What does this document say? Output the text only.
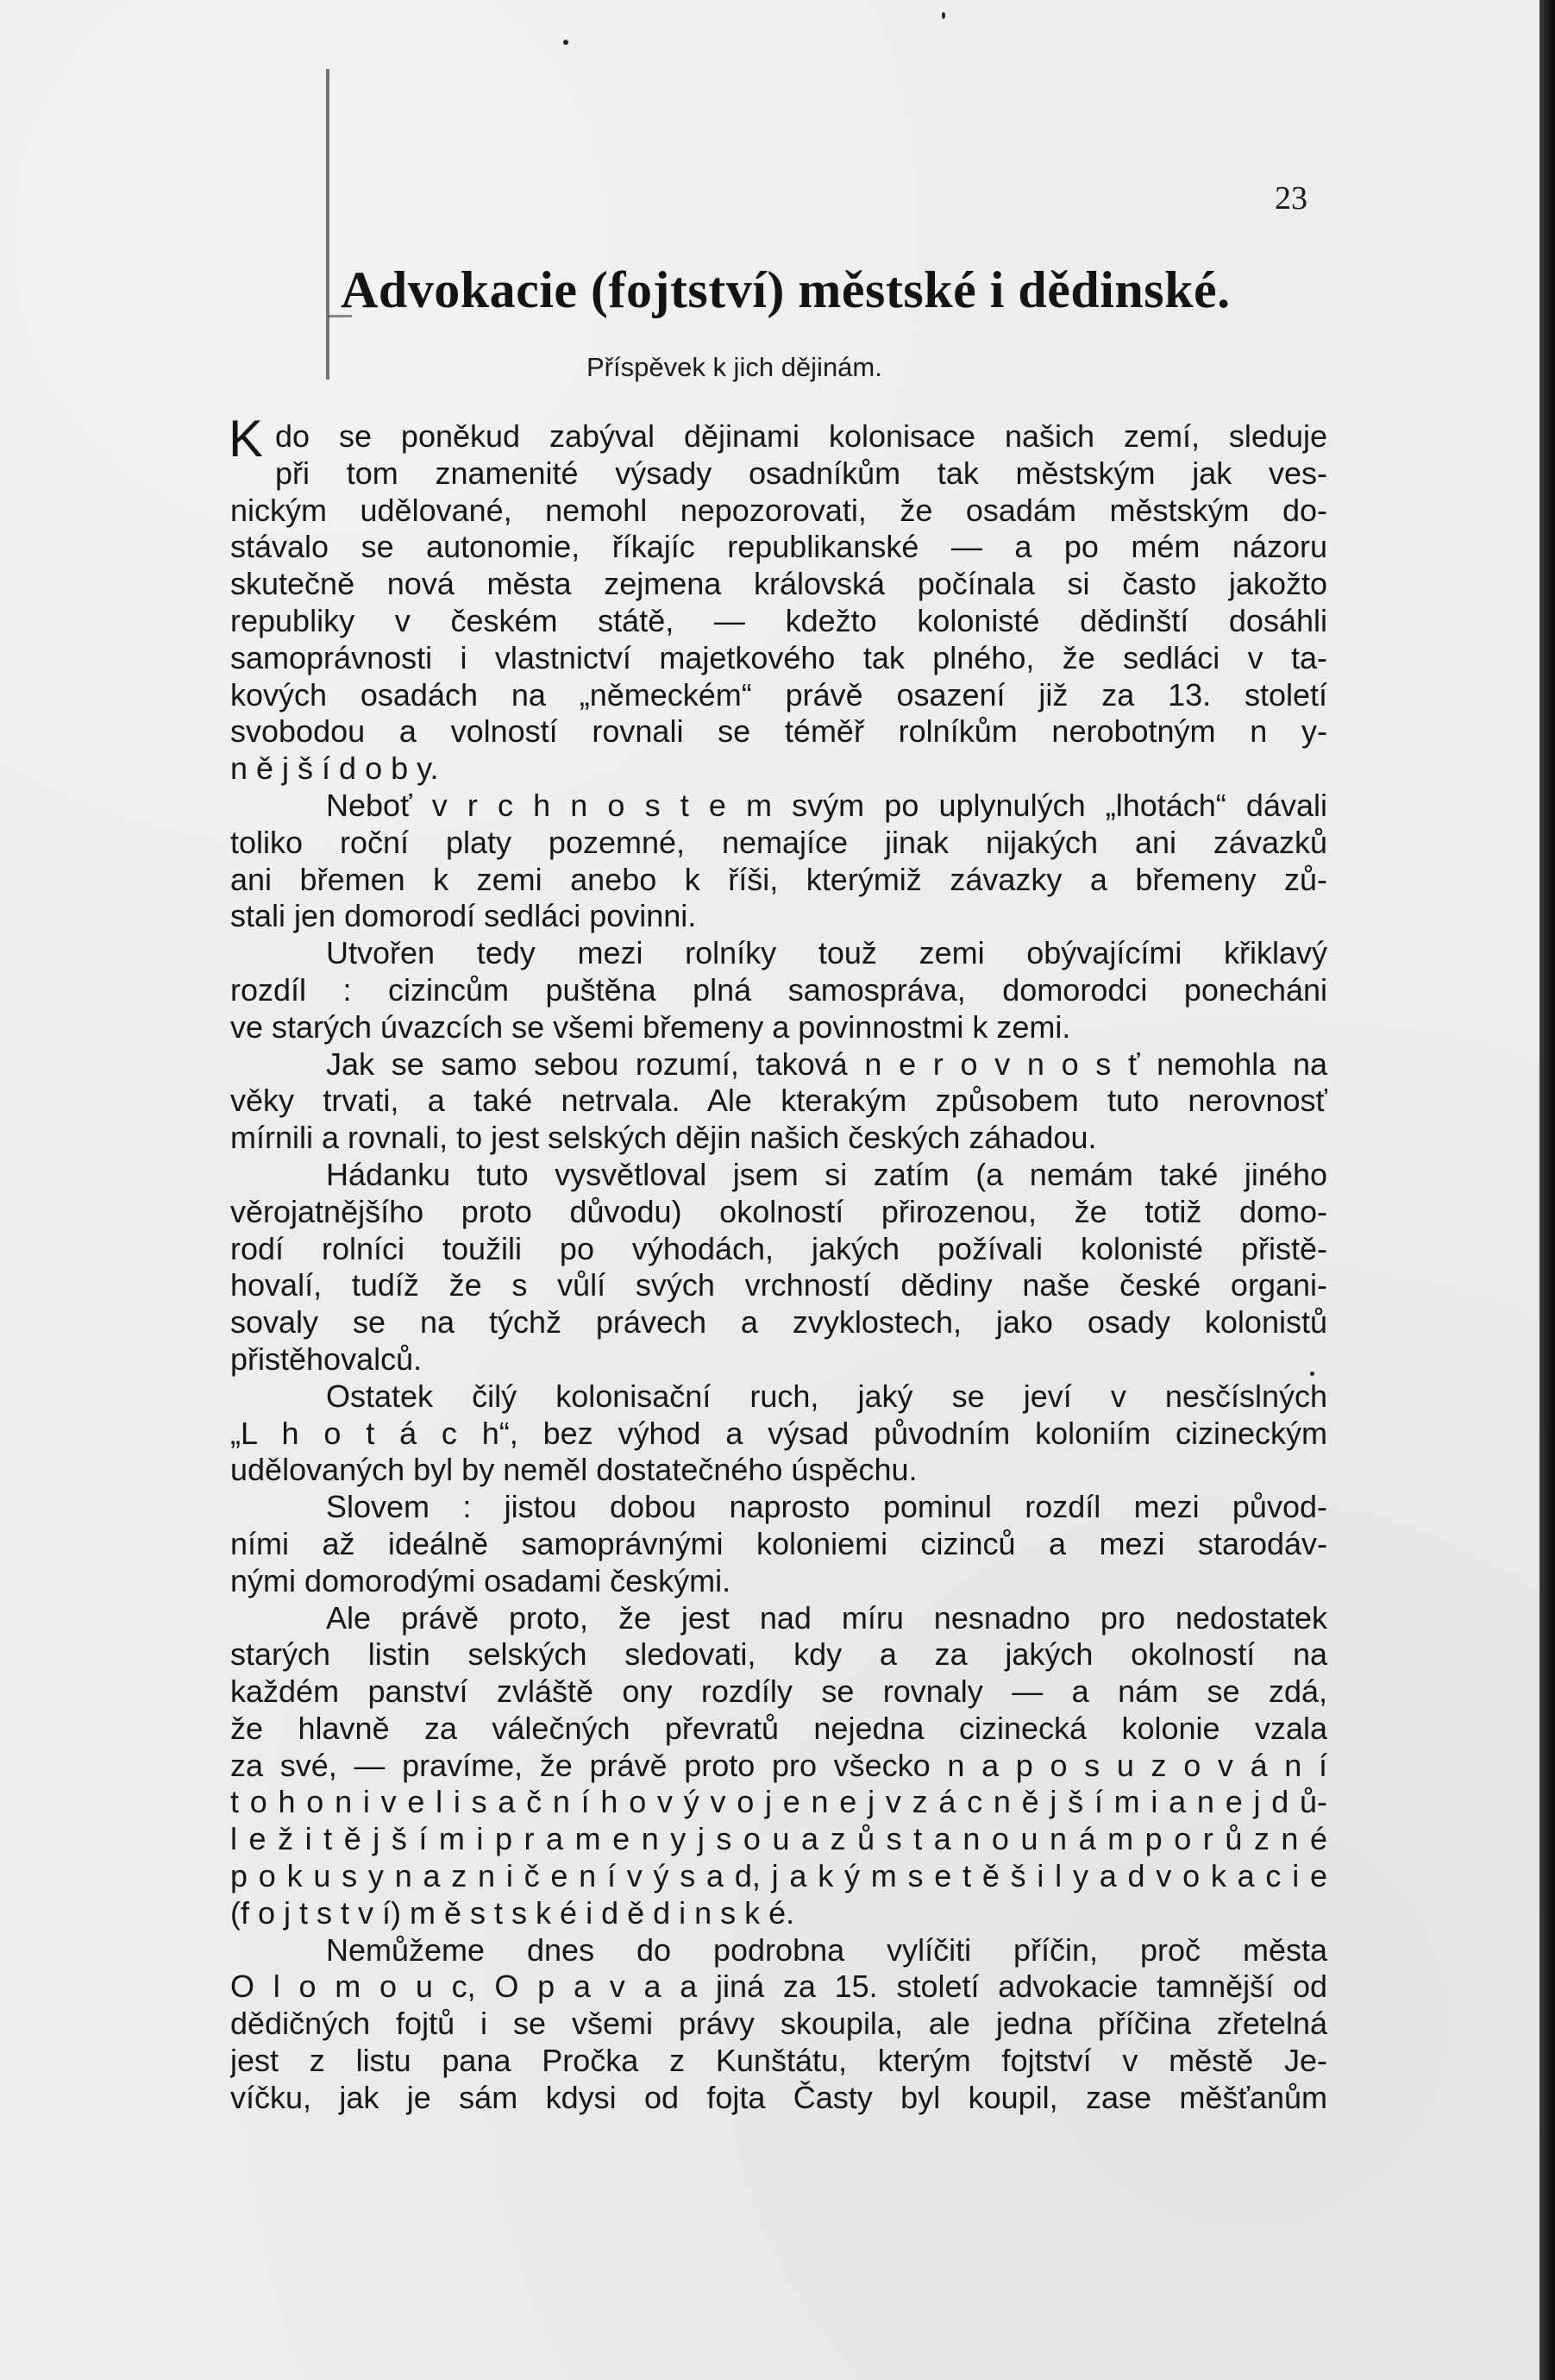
23
Advokacie (fojtství) městské i dědinské.
Příspěvek k jich dějinám.
K do se poněkud zabýval dějinami kolonisace našich zemí, sleduje
při tom znamenité výsady osadníkům tak městským jak ves-
nickým udělované, nemohl nepozorovati, že osadám městským do-
stávalo se autonomie, říkajíc republikanské — a po mém názoru
skutečně nová města zejmena královská počínala si často jakožto
republiky v českém státě, — kdežto kolonisté dědinští dosáhli
samoprávnosti i vlastnictví majetkového tak plného, že sedláci v ta-
kových osadách na „německém“ právě osazení již za 13. století
svobodou a volností rovnali se téměř rolníkům nerobotným n y-
n ě j š í d o b y.
Neboť v r c h n o s t e m svým po uplynulých „lhotách“ dávali
toliko roční platy pozemné, nemajíce jinak nijakých ani závazků
ani břemen k zemi anebo k říši, kterýmiž závazky a břemeny zů-
stali jen domorodí sedláci povinni.
Utvořen tedy mezi rolníky touž zemi obývajícími křiklavý
rozdíl : cizincům puštěna plná samospráva, domorodci ponecháni
ve starých úvazcích se všemi břemeny a povinnostmi k zemi.
Jak se samo sebou rozumí, taková n e r o v n o s ť nemohla na
věky trvati, a také netrvala. Ale kterakým způsobem tuto nerovnosť
mírnili a rovnali, to jest selských dějin našich českých záhadou.
Hádanku tuto vysvětloval jsem si zatím (a nemám také jiného
věrojatnějšího proto důvodu) okolností přirozenou, že totiž domo-
rodí rolníci toužili po výhodách, jakých požívali kolonisté přistě-
hovalí, tudíž že s vůlí svých vrchností dědiny naše české organi-
sovaly se na týchž právech a zvyklostech, jako osady kolonistů
přistěhovalců.
Ostatek čilý kolonisační ruch, jaký se jeví v nesčíslných
„L h o t á c h“, bez výhod a výsad původním koloniím cizineckým
udělovaných byl by neměl dostatečného úspěchu.
Slovem : jistou dobou naprosto pominul rozdíl mezi původ-
ními až ideálně samoprávnými koloniemi cizinců a mezi starodáv-
nými domorodými osadami českými.
Ale právě proto, že jest nad míru nesnadno pro nedostatek
starých listin selských sledovati, kdy a za jakých okolností na
každém panství zvláště ony rozdíly se rovnaly — a nám se zdá,
že hlavně za válečných převratů nejedna cizinecká kolonie vzala
za své, — pravíme, že právě proto pro všecko n a p o s u z o v á n í
t o h o n i v e l i s a č n í h o v ý v o j e n e j v z á c n ě j š í m i a n e j d ů-
l e ž i t ě j š í m i p r a m e n y j s o u a z ů s t a n o u n á m p o r ů z n é
p o k u s y n a z n i č e n í v ý s a d, j a k ý m s e t ě š i l y a d v o k a c i e
(f o j t s t v í) m ě s t s k é i d ě d i n s k é.
Nemůžeme dnes do podrobna vylíčiti příčin, proč města
O l o m o u c, O p a v a a jiná za 15. století advokacie tamnější od
dědičných fojtů i se všemi právy skoupila, ale jedna příčina zřetelná
jest z listu pana Pročka z Kunštátu, kterým fojtství v městě Je-
víčku, jak je sám kdysi od fojta Časty byl koupil, zase měšťanům
